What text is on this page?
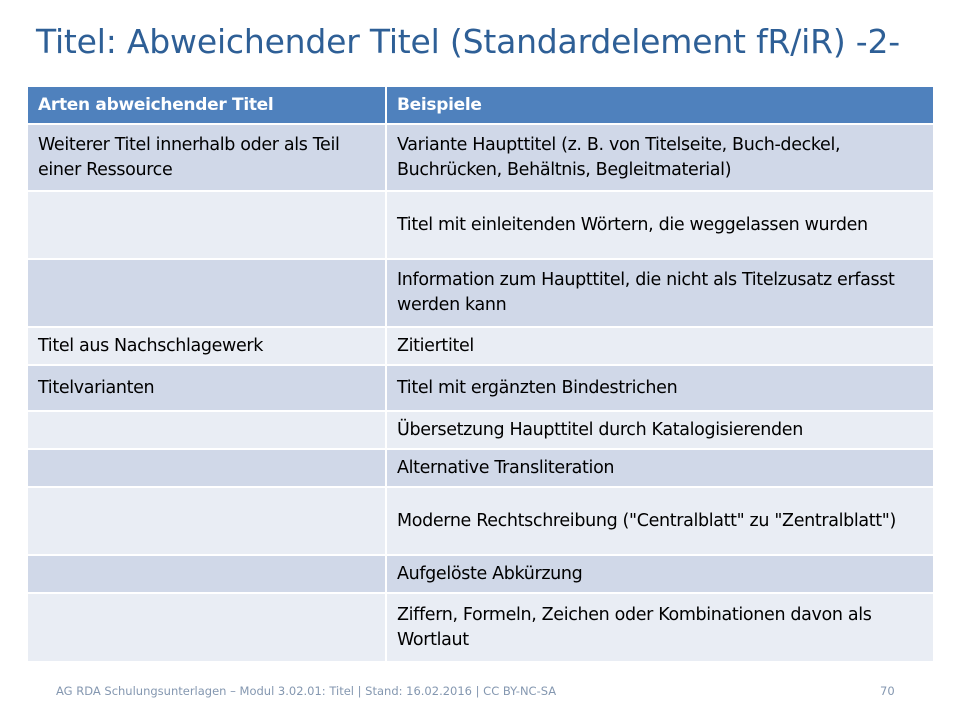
Titel: Abweichender Titel (Standardelement fR/iR) -2-
Arten abweichender Titel	Beispiele
Weiterer Titel innerhalb oder als Teil einer Ressource	Variante Haupttitel (z. B. von Titelseite, Buch-deckel, Buchrücken, Behältnis, Begleitmaterial)
	Titel mit einleitenden Wörtern, die weggelassen wurden
	Information zum Haupttitel, die nicht als Titelzusatz erfasst werden kann
Titel aus Nachschlagewerk	Zitiertitel
Titelvarianten	Titel mit ergänzten Bindestrichen
	Übersetzung Haupttitel durch Katalogisierenden
	Alternative Transliteration
	Moderne Rechtschreibung ("Centralblatt" zu "Zentralblatt")
	Aufgelöste Abkürzung
	Ziffern, Formeln, Zeichen oder Kombinationen davon als Wortlaut
AG RDA Schulungsunterlagen – Modul 3.02.01: Titel | Stand: 16.02.2016 | CC BY-NC-SA	70
